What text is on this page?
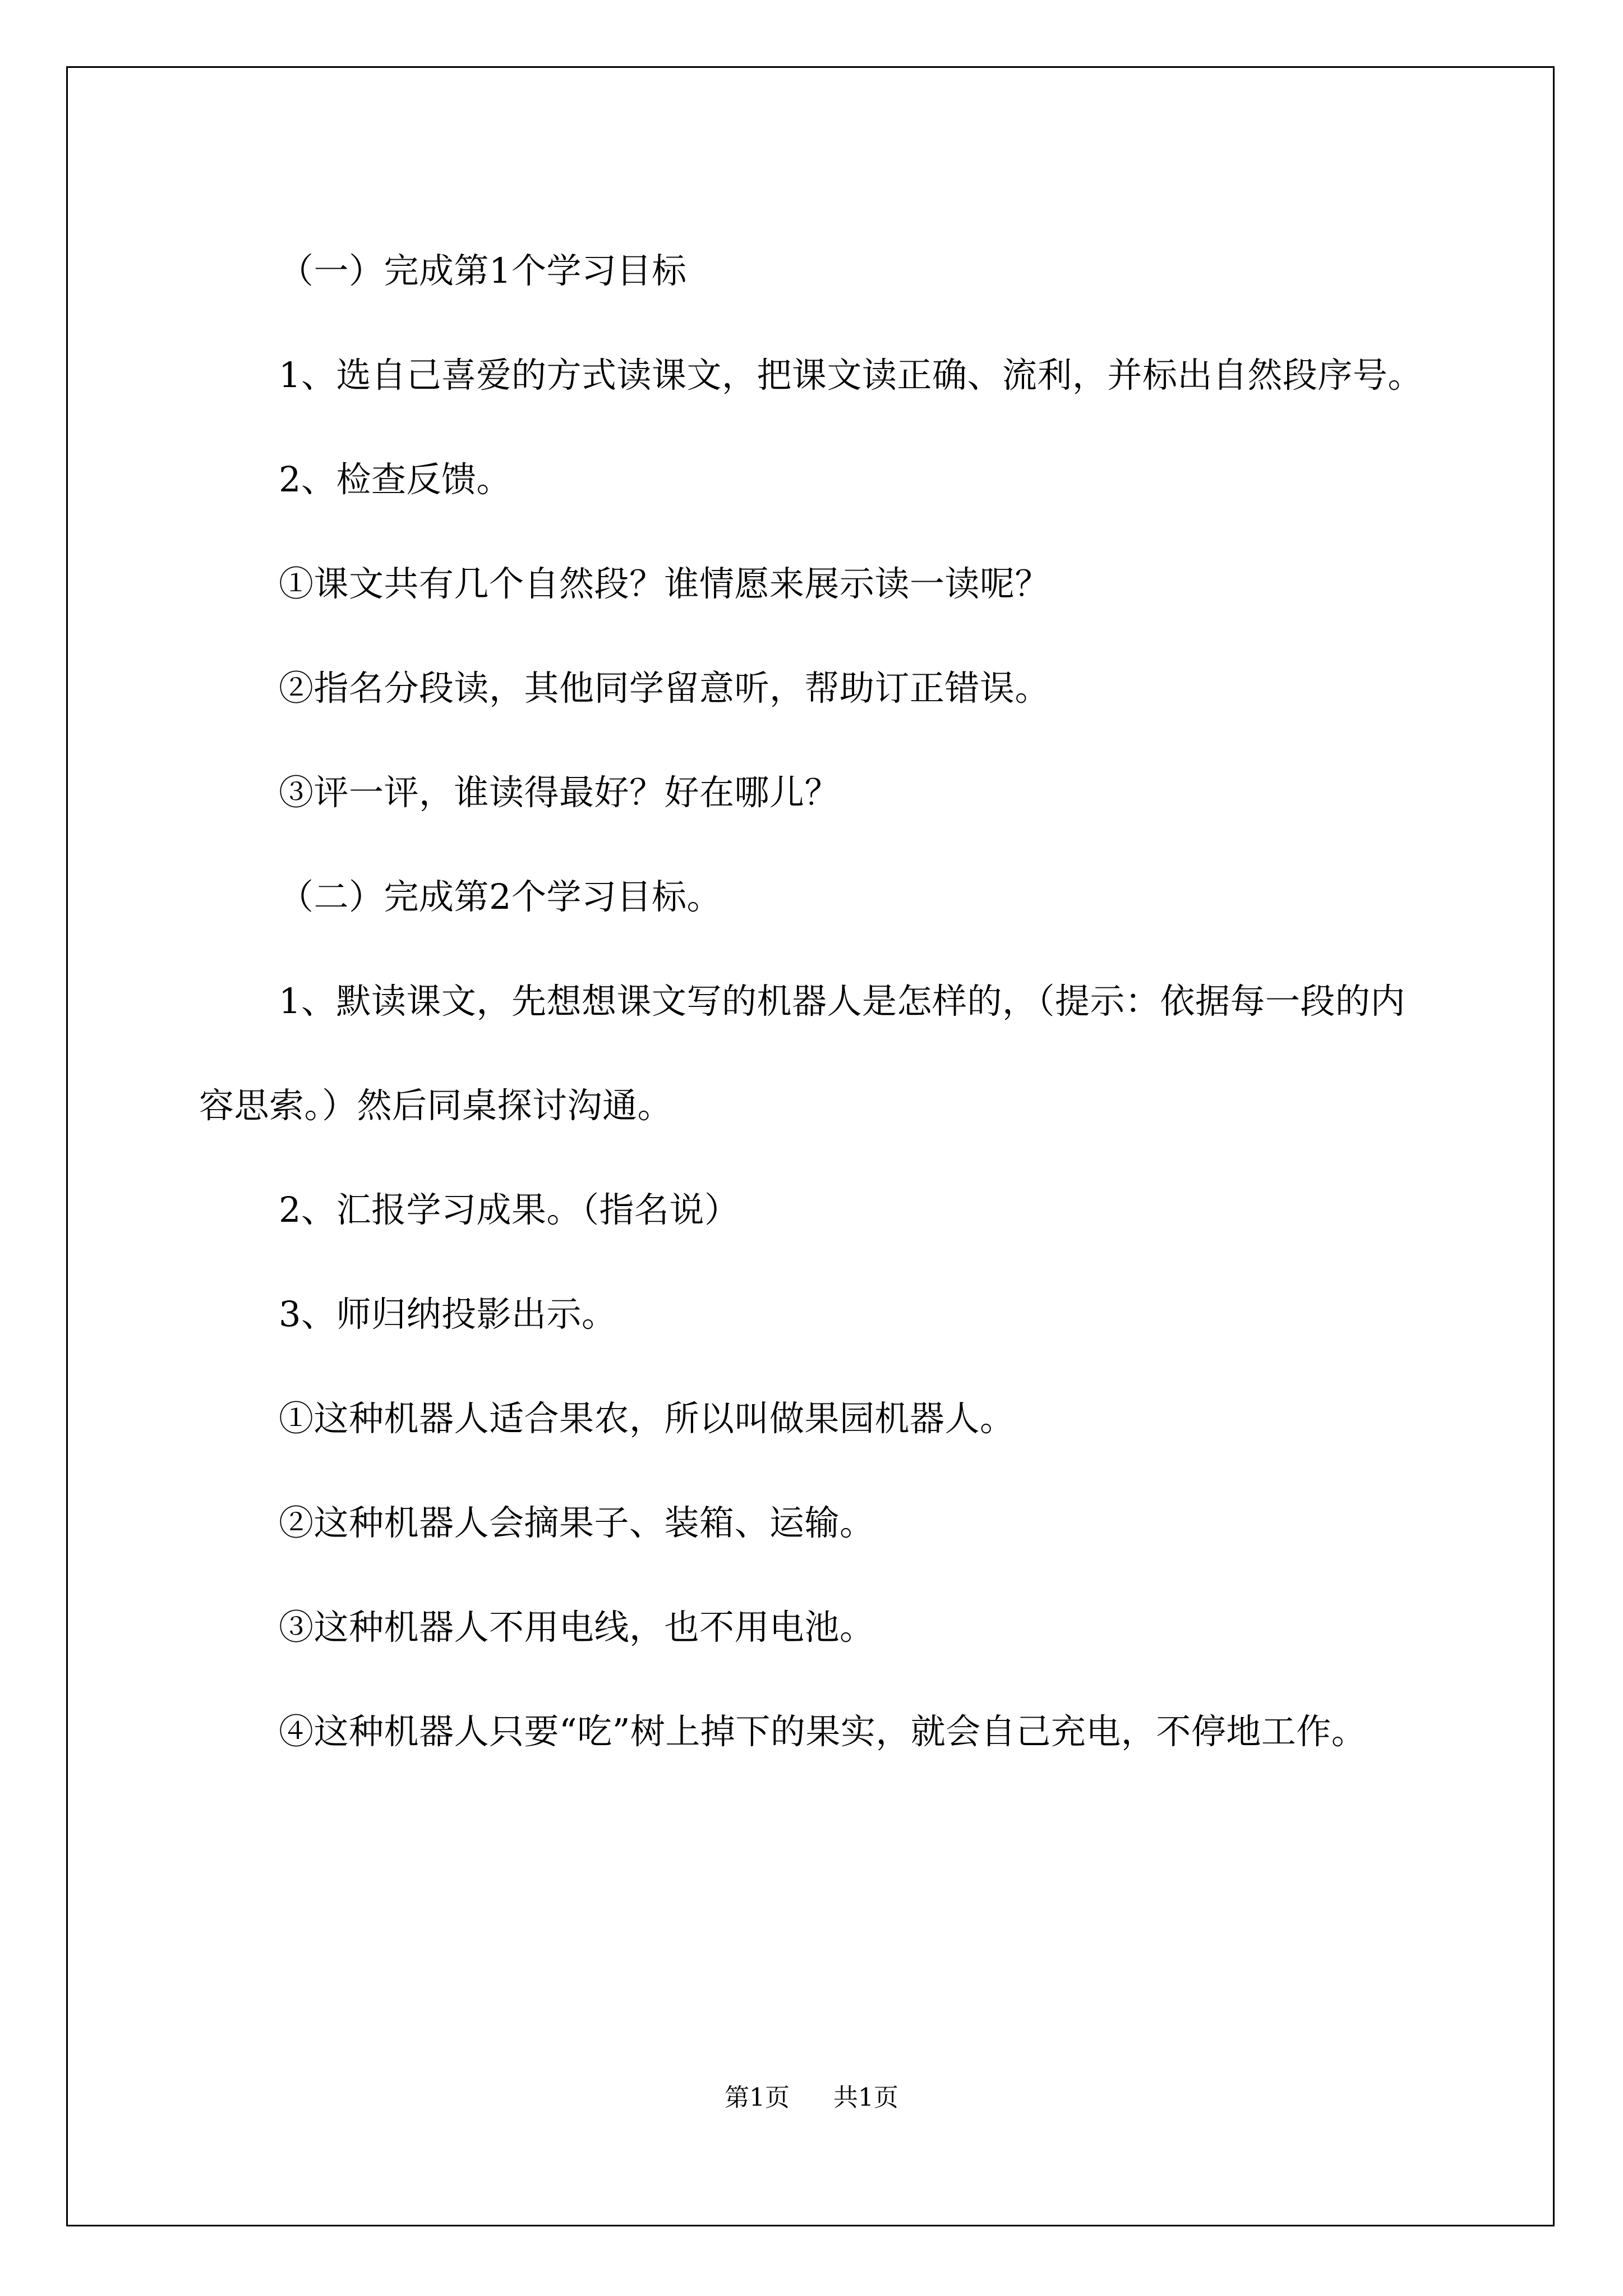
（一）完成第1个学习目标

1、选自己喜爱的方式读课文，把课文读正确、流利，并标出自然段序号。

2、检查反馈。

①课文共有几个自然段？谁情愿来展示读一读呢？

②指名分段读，其他同学留意听，帮助订正错误。

③评一评，谁读得最好？好在哪儿？

（二）完成第2个学习目标。

1、默读课文，先想想课文写的机器人是怎样的，（提示：依据每一段的内容思索。）然后同桌探讨沟通。

2、汇报学习成果。（指名说）

3、师归纳投影出示。

①这种机器人适合果农，所以叫做果园机器人。

②这种机器人会摘果子、装箱、运输。

③这种机器人不用电线，也不用电池。

④这种机器人只要“吃”树上掉下的果实，就会自己充电，不停地工作。

第1页 共1页
